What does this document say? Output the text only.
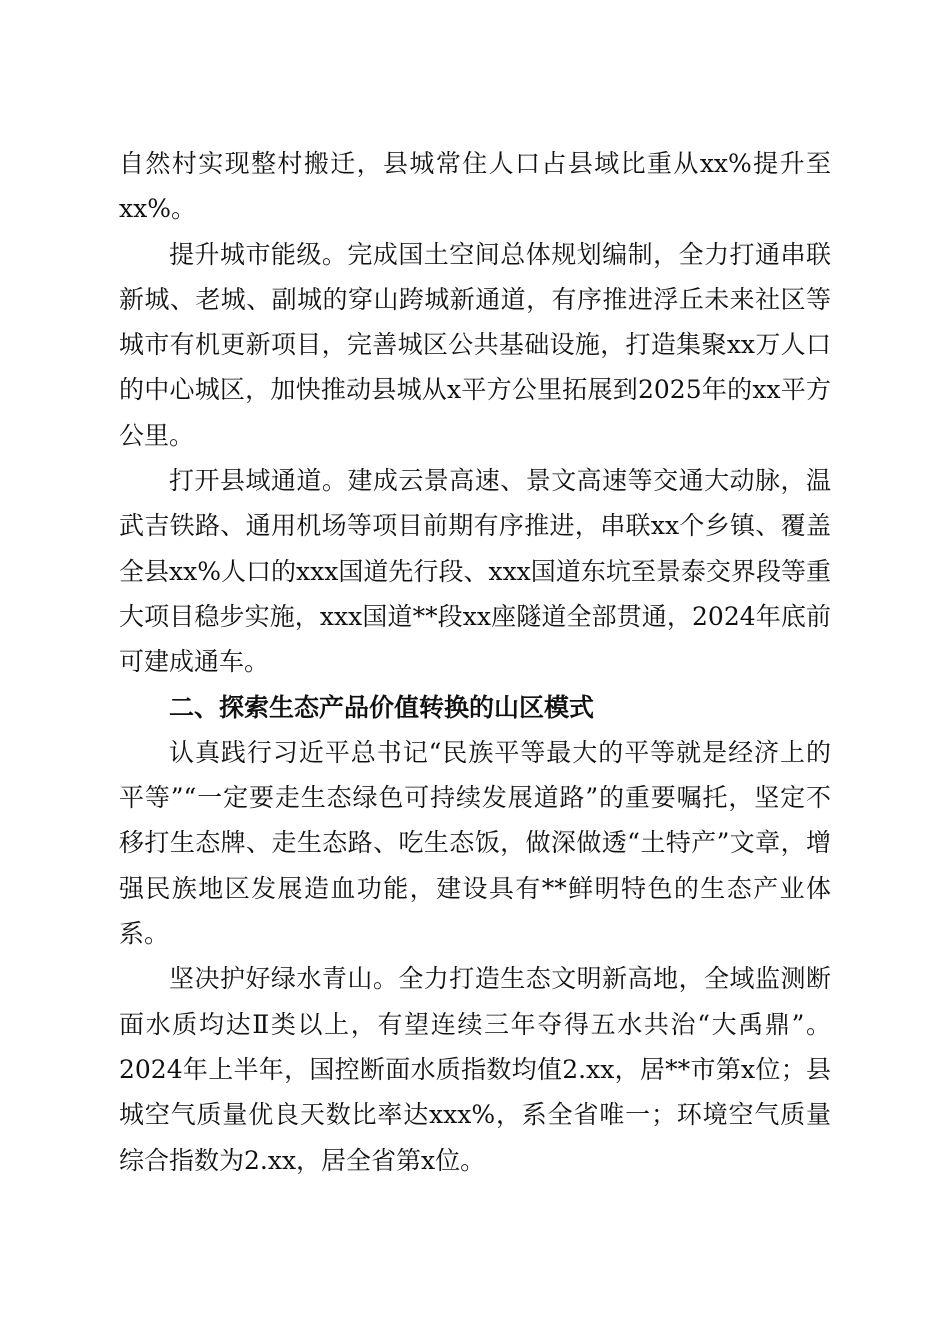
自然村实现整村搬迁，县城常住人口占县域比重从xx%提升至xx%。

提升城市能级。完成国土空间总体规划编制，全力打通串联新城、老城、副城的穿山跨城新通道，有序推进浮丘未来社区等城市有机更新项目，完善城区公共基础设施，打造集聚xx万人口的中心城区，加快推动县城从x平方公里拓展到2025年的xx平方公里。

打开县域通道。建成云景高速、景文高速等交通大动脉，温武吉铁路、通用机场等项目前期有序推进，串联xx个乡镇、覆盖全县xx%人口的xxx国道先行段、xxx国道东坑至景泰交界段等重大项目稳步实施，xxx国道**段xx座隧道全部贯通，2024年底前可建成通车。

二、探索生态产品价值转换的山区模式

认真践行习近平总书记“民族平等最大的平等就是经济上的平等”“一定要走生态绿色可持续发展道路”的重要嘱托，坚定不移打生态牌、走生态路、吃生态饭，做深做透“土特产”文章，增强民族地区发展造血功能，建设具有**鲜明特色的生态产业体系。

坚决护好绿水青山。全力打造生态文明新高地，全域监测断面水质均达Ⅱ类以上，有望连续三年夺得五水共治“大禹鼎”。2024年上半年，国控断面水质指数均值2.xx，居**市第x位；县城空气质量优良天数比率达xxx%，系全省唯一；环境空气质量综合指数为2.xx，居全省第x位。
